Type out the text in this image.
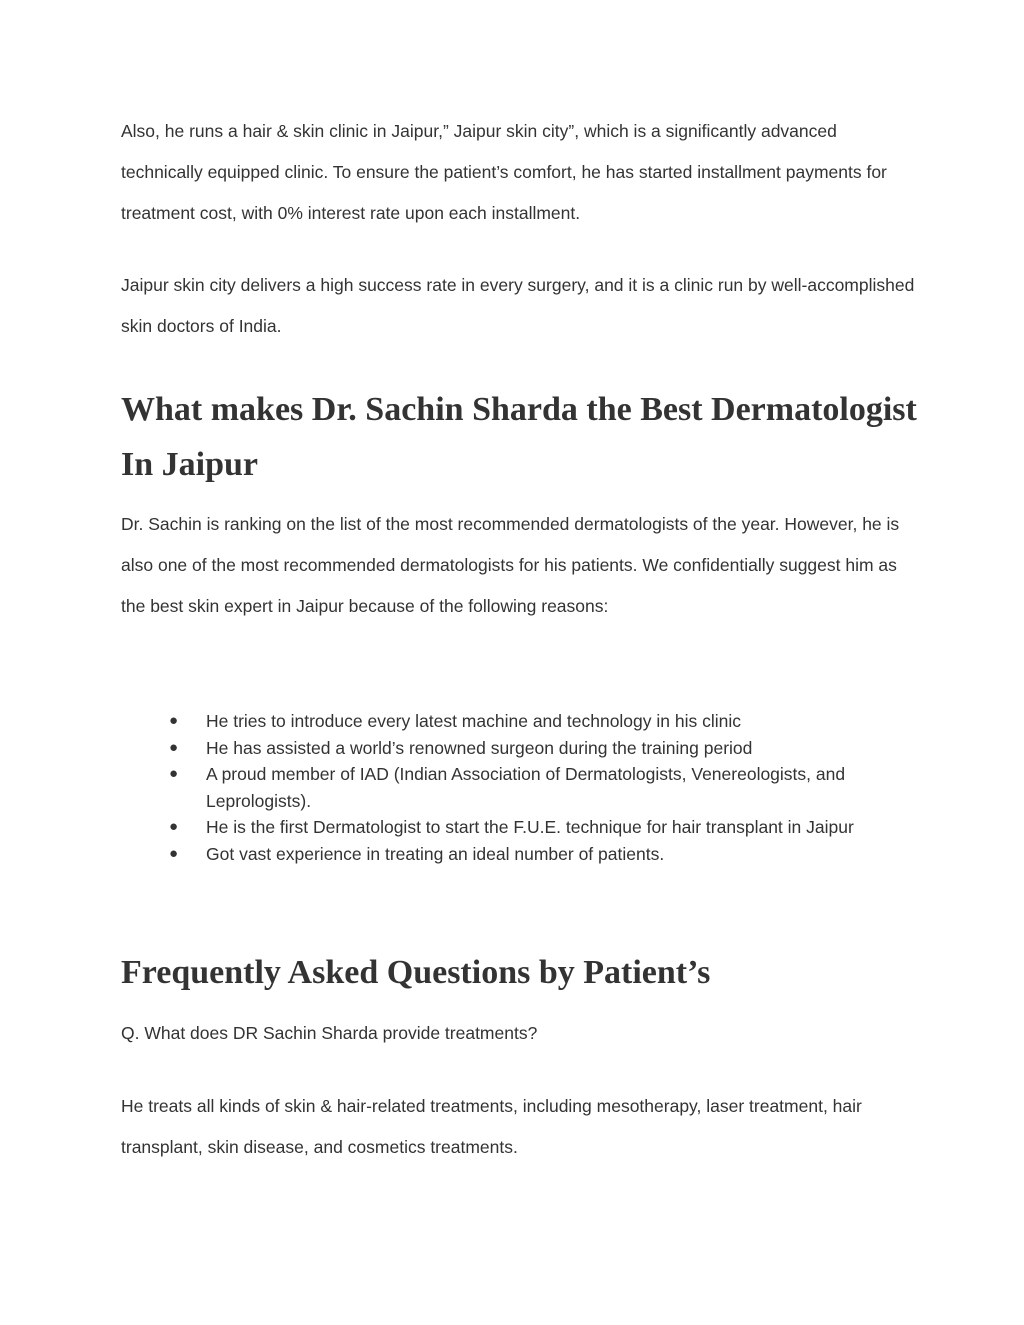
Also, he runs a hair & skin clinic in Jaipur,” Jaipur skin city”, which is a significantly advanced technically equipped clinic. To ensure the patient’s comfort, he has started installment payments for treatment cost, with 0% interest rate upon each installment.

Jaipur skin city delivers a high success rate in every surgery, and it is a clinic run by well-accomplished skin doctors of India.

What makes Dr. Sachin Sharda the Best Dermatologist In Jaipur

Dr. Sachin is ranking on the list of the most recommended dermatologists of the year. However, he is also one of the most recommended dermatologists for his patients. We confidentially suggest him as the best skin expert in Jaipur because of the following reasons:

● He tries to introduce every latest machine and technology in his clinic
● He has assisted a world’s renowned surgeon during the training period
● A proud member of IAD (Indian Association of Dermatologists, Venereologists, and Leprologists).
● He is the first Dermatologist to start the F.U.E. technique for hair transplant in Jaipur
● Got vast experience in treating an ideal number of patients.
Frequently Asked Questions by Patient’s

Q. What does DR Sachin Sharda provide treatments?

He treats all kinds of skin & hair-related treatments, including mesotherapy, laser treatment, hair transplant, skin disease, and cosmetics treatments.
